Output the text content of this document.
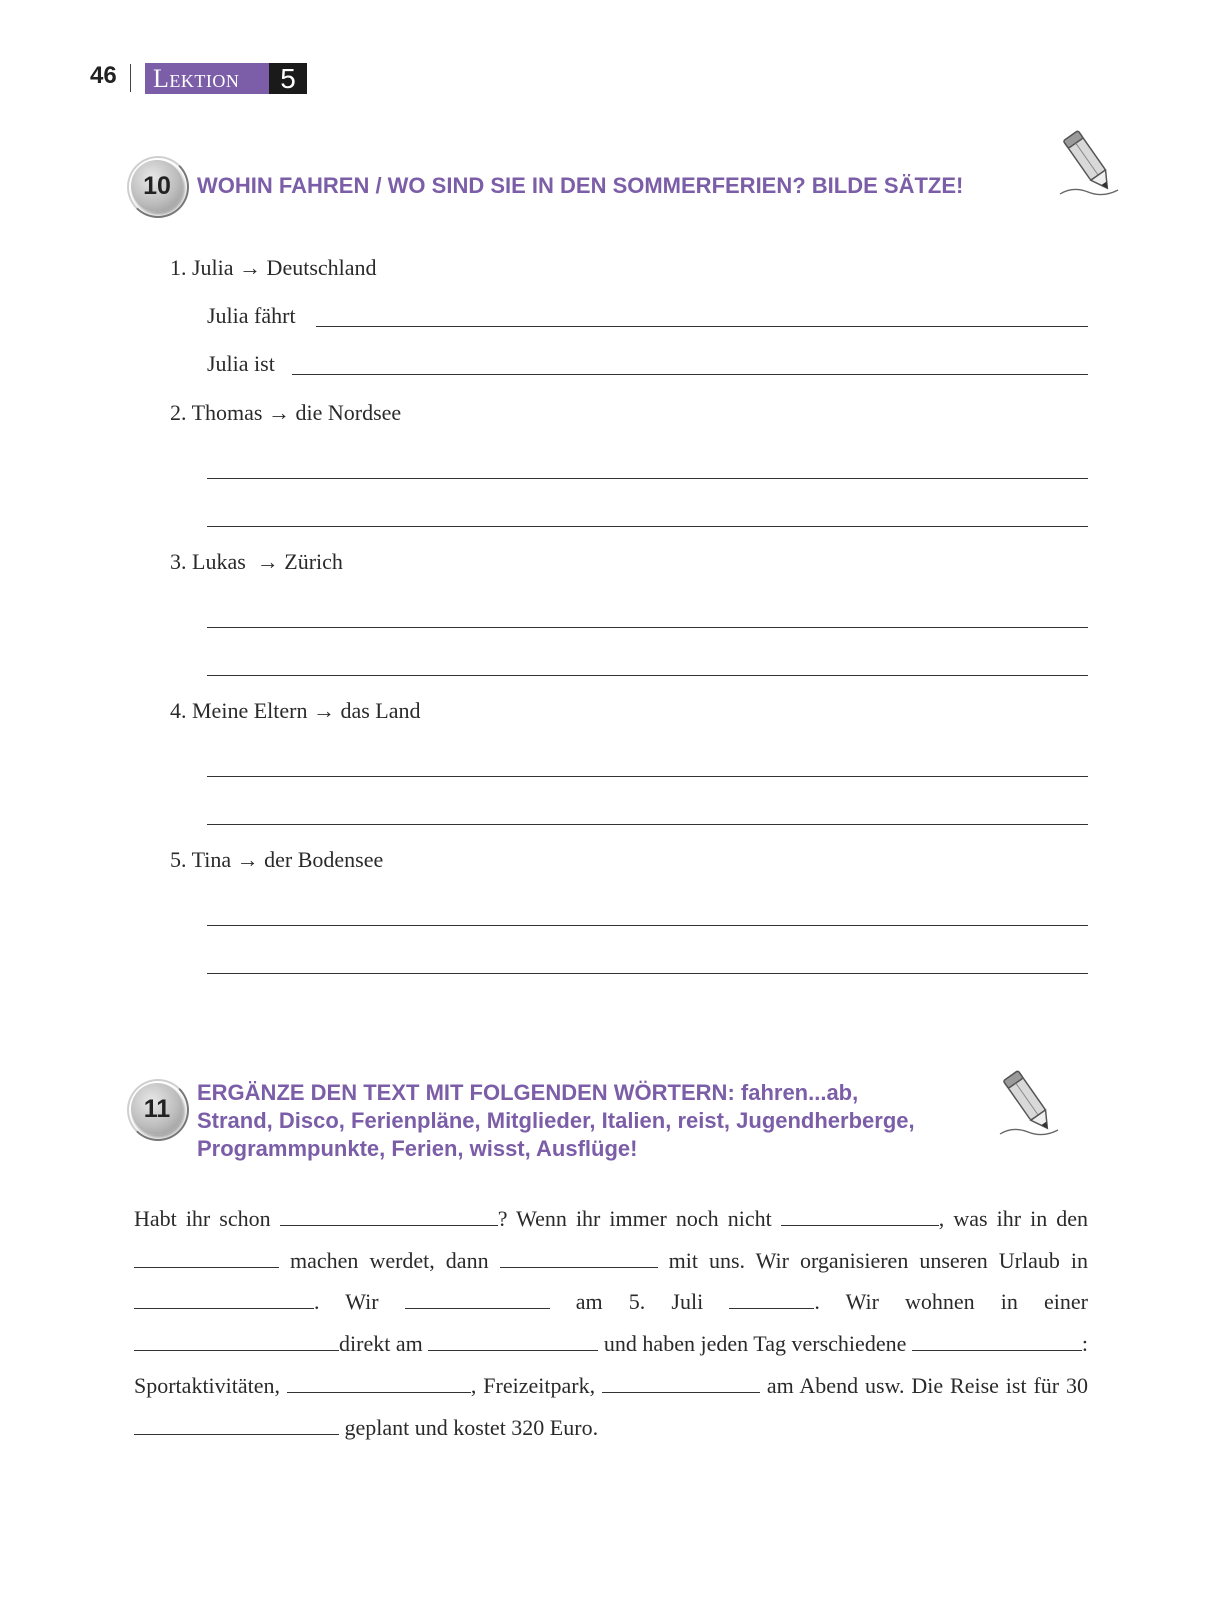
46 Lektion	5
10	WOHIN FAHREN / WO SIND SIE IN DEN SOMMERFERIEN? BILDE SÄTZE!
1. Julia → Deutschland
Julia fährt
Julia ist
2. Thomas → die Nordsee
3. Lukas  → Zürich
4. Meine Eltern → das Land
5. Tina → der Bodensee
11
ERGÄNZE DEN TEXT MIT FOLGENDEN WÖRTERN: fahren...ab,
Strand, Disco, Ferienpläne, Mitglieder, Italien, reist, Jugendherberge,
Programmpunkte, Ferien, wisst, Ausflüge!
Habt ihr schon	? Wenn ihr immer noch nicht	, was ihr in den  machen werdet, dann	mit uns. Wir organisieren unseren Urlaub in . Wir	am 5. Juli	. Wir wohnen in einer direkt am	und haben jeden Tag verschiedene	: Sportaktivitäten,	, Freizeitpark,	am Abend usw. Die Reise ist für 30  geplant und kostet 320 Euro.
